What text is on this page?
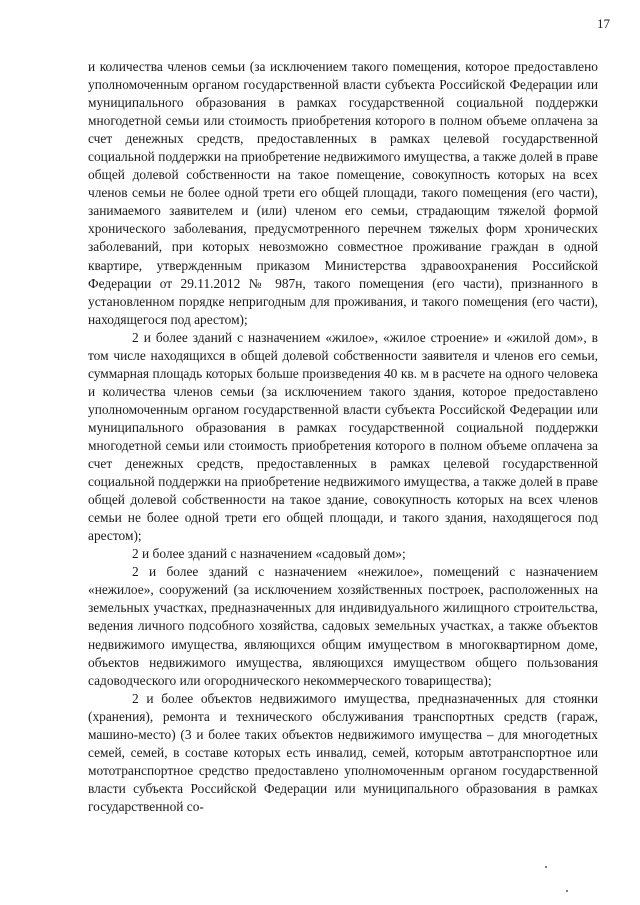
17

и количества членов семьи (за исключением такого помещения, которое предоставлено уполномоченным органом государственной власти субъекта Российской Федерации или муниципального образования в рамках государственной социальной поддержки многодетной семьи или стоимость приобретения которого в полном объеме оплачена за счет денежных средств, предоставленных в рамках целевой государственной социальной поддержки на приобретение недвижимого имущества, а также долей в праве общей долевой собственности на такое помещение, совокупность которых на всех членов семьи не более одной трети его общей площади, такого помещения (его части), занимаемого заявителем и (или) членом его семьи, страдающим тяжелой формой хронического заболевания, предусмотренного перечнем тяжелых форм хронических заболеваний, при которых невозможно совместное проживание граждан в одной квартире, утвержденным приказом Министерства здравоохранения Российской Федерации от 29.11.2012 № 987н, такого помещения (его части), признанного в установленном порядке непригодным для проживания, и такого помещения (его части), находящегося под арестом);

2 и более зданий с назначением «жилое», «жилое строение» и «жилой дом», в том числе находящихся в общей долевой собственности заявителя и членов его семьи, суммарная площадь которых больше произведения 40 кв. м в расчете на одного человека и количества членов семьи (за исключением такого здания, которое предоставлено уполномоченным органом государственной власти субъекта Российской Федерации или муниципального образования в рамках государственной социальной поддержки многодетной семьи или стоимость приобретения которого в полном объеме оплачена за счет денежных средств, предоставленных в рамках целевой государственной социальной поддержки на приобретение недвижимого имущества, а также долей в праве общей долевой собственности на такое здание, совокупность которых на всех членов семьи не более одной трети его общей площади, и такого здания, находящегося под арестом);

2 и более зданий с назначением «садовый дом»;

2 и более зданий с назначением «нежилое», помещений с назначением «нежилое», сооружений (за исключением хозяйственных построек, расположенных на земельных участках, предназначенных для индивидуального жилищного строительства, ведения личного подсобного хозяйства, садовых земельных участках, а также объектов недвижимого имущества, являющихся общим имуществом в многоквартирном доме, объектов недвижимого имущества, являющихся имуществом общего пользования садоводческого или огороднического некоммерческого товарищества);

2 и более объектов недвижимого имущества, предназначенных для стоянки (хранения), ремонта и технического обслуживания транспортных средств (гараж, машино-место) (3 и более таких объектов недвижимого имущества – для многодетных семей, семей, в составе которых есть инвалид, семей, которым автотранспортное или мототранспортное средство предоставлено уполномоченным органом государственной власти субъекта Российской Федерации или муниципального образования в рамках государственной со-
